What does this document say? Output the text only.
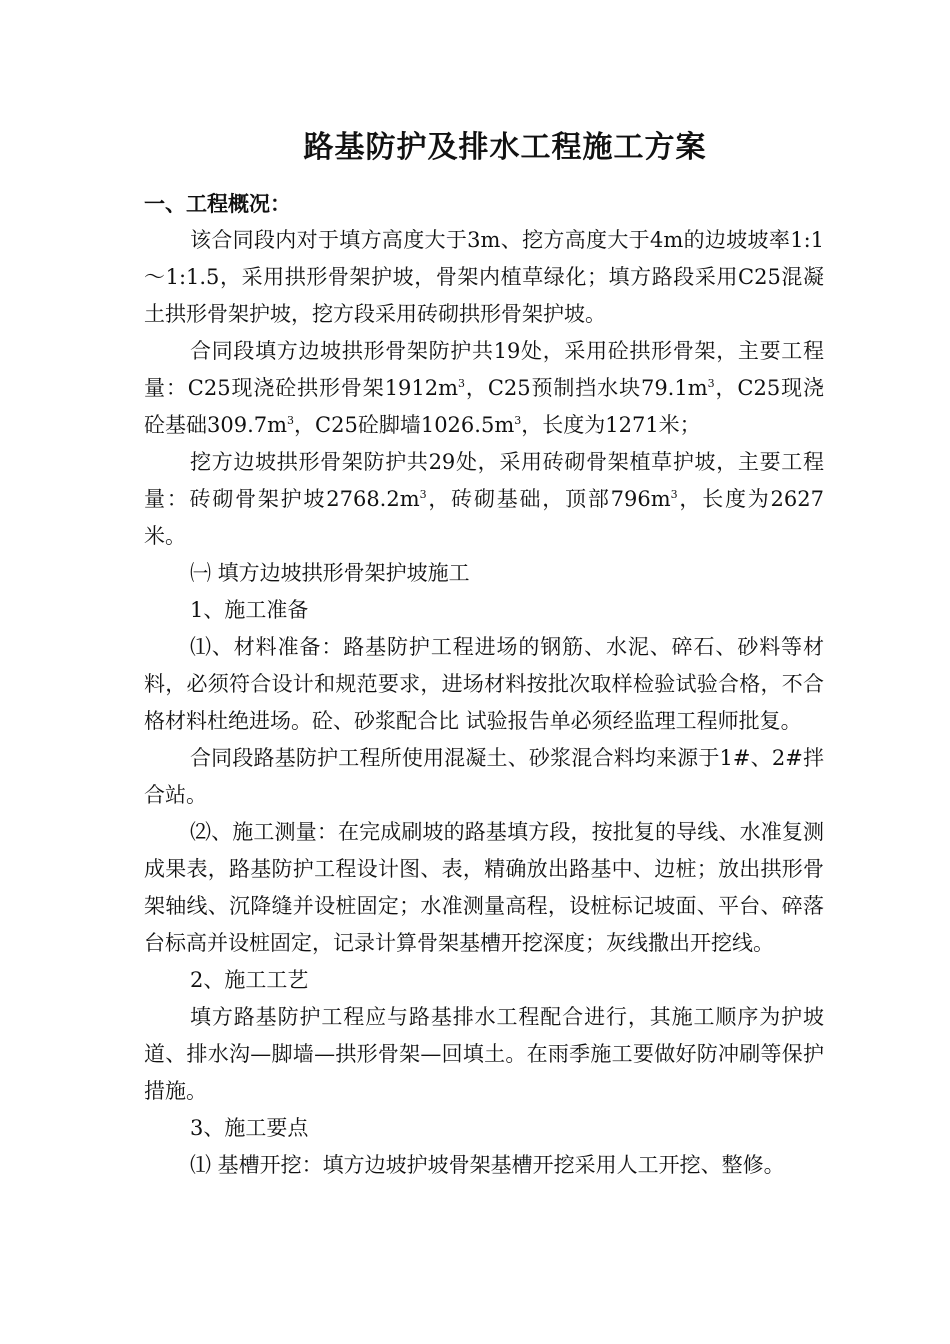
路基防护及排水工程施工方案
一、工程概况：

该合同段内对于填方高度大于3m、挖方高度大于4m的边坡坡率1:1～1:1.5，采用拱形骨架护坡，骨架内植草绿化；填方路段采用C25混凝土拱形骨架护坡，挖方段采用砖砌拱形骨架护坡。

合同段填方边坡拱形骨架防护共19处，采用砼拱形骨架，主要工程量：C25现浇砼拱形骨架$1912m^3$，C25预制挡水块$79.1m^3$，C25现浇砼基础$309.7m^3$，C25砼脚墙$1026.5m^3$，长度为1271米；

挖方边坡拱形骨架防护共29处，采用砖砌骨架植草护坡，主要工程量：砖砌骨架护坡$2768.2m^3$，砖砌基础，顶部$796m^3$，长度为2627米。

㈠ 填方边坡拱形骨架护坡施工

1、施工准备

⑴、材料准备：路基防护工程进场的钢筋、水泥、碎石、砂料等材料，必须符合设计和规范要求，进场材料按批次取样检验试验合格，不合格材料杜绝进场。砼、砂浆配合比 试验报告单必须经监理工程师批复。

合同段路基防护工程所使用混凝土、砂浆混合料均来源于1#、2#拌合站。

⑵、施工测量：在完成刷坡的路基填方段，按批复的导线、水准复测成果表，路基防护工程设计图、表，精确放出路基中、边桩；放出拱形骨架轴线、沉降缝并设桩固定；水准测量高程，设桩标记坡面、平台、碎落台标高并设桩固定，记录计算骨架基槽开挖深度；灰线撒出开挖线。

2、施工工艺

填方路基防护工程应与路基排水工程配合进行，其施工顺序为护坡道、排水沟—脚墙—拱形骨架—回填土。在雨季施工要做好防冲刷等保护措施。

3、施工要点

⑴ 基槽开挖：填方边坡护坡骨架基槽开挖采用人工开挖、整修。
